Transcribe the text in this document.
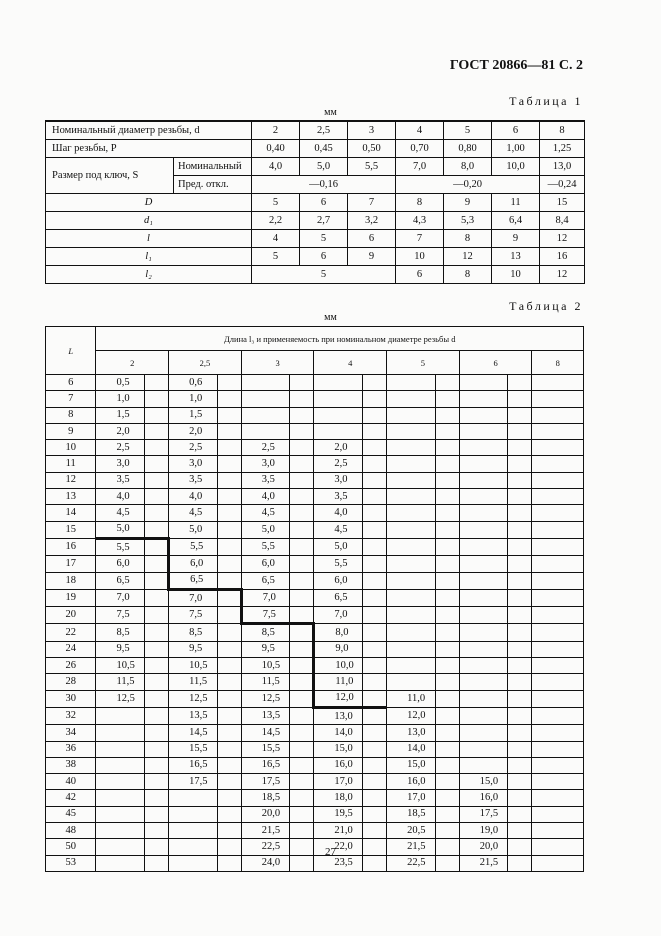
ГОСТ 20866—81 С. 2
Таблица 1
мм
Номинальный диаметр резьбы, d		2	2,5	3	4	5	6	8
Шаг резьбы, P		0,40	0,45	0,50	0,70	0,80	1,00	1,25
Размер под ключ, S	Номинальный	4,0	5,0	5,5	7,0	8,0	10,0	13,0
	Пред. откл.	—0,16			—0,20			—0,24
D		5	6	7	8	9	11	15
d₁		2,2	2,7	3,2	4,3	5,3	6,4	8,4
l		4	5	6	7	8	9	12
l₁		5	6	9	10	12	13	16
l₂		5			6	8	10	12
Таблица 2
мм
L	Длина l₃ и применяемость при номинальном диаметре резьбы d												
	2		2,5		3		4		5		6		8
6	0,5		0,6										
7	1,0		1,0										
8	1,5		1,5										
9	2,0		2,0										
10	2,5		2,5		2,5		2,0						
11	3,0		3,0		3,0		2,5						
12	3,5		3,5		3,5		3,0						
13	4,0		4,0		4,0		3,5						
14	4,5		4,5		4,5		4,0						
15	5,0		5,0		5,0		4,5						
16	5,5		5,5		5,5		5,0						
17	6,0		6,0		6,0		5,5						
18	6,5		6,5		6,5		6,0						
19	7,0		7,0		7,0		6,5						
20	7,5		7,5		7,5		7,0						
22	8,5		8,5		8,5		8,0						
24	9,5		9,5		9,5		9,0						
26	10,5		10,5		10,5		10,0						
28	11,5		11,5		11,5		11,0						
30	12,5		12,5		12,5		12,0		11,0				
32			13,5		13,5		13,0		12,0				
34			14,5		14,5		14,0		13,0				
36			15,5		15,5		15,0		14,0				
38			16,5		16,5		16,0		15,0				
40			17,5		17,5		17,0		16,0		15,0		
42					18,5		18,0		17,0		16,0		
45					20,0		19,5		18,5		17,5		
48					21,5		21,0		20,5		19,0		
50					22,5		22,0		21,5		20,0		
53					24,0		23,5		22,5		21,5		
27
